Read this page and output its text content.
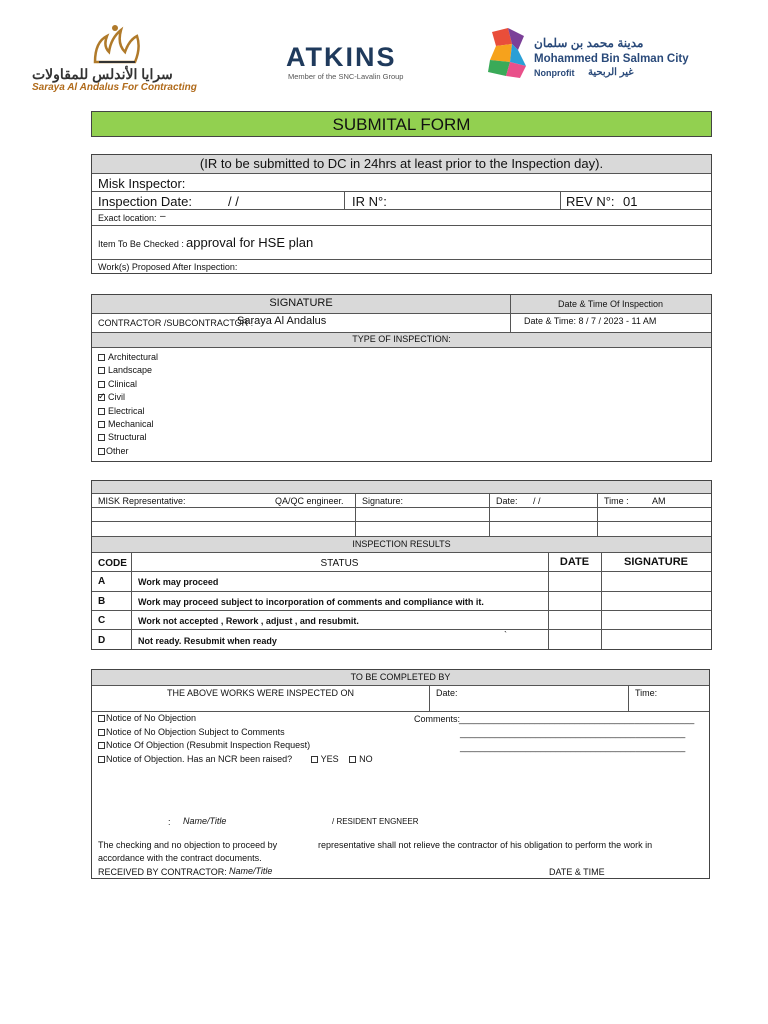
سرايا الأندلس للمقاولات
Saraya Al Andalus For Contracting
ATKINS
Member of the SNC-Lavalin Group
مدينة محمد بن سلمان
Mohammed Bin Salman City
Nonprofit غير الربحية
SUBMITAL FORM
(IR to be submitted to DC in 24hrs at least prior to the Inspection day).
Misk Inspector:
Inspection Date:	/ /	IR N°:	REV N°: 01
Exact location: –
Item To Be Checked : approval for HSE plan
Work(s) Proposed After Inspection:
SIGNATURE	Date & Time Of Inspection
CONTRACTOR /SUBCONTRACTOR :
Saraya Al Andalus	Date & Time: 8 / 7 / 2023 - 11 AM
TYPE OF INSPECTION:
Architectural
Landscape
Clinical
✓Civil
Electrical
Mechanical
Structural
Other
MISK Representative:	QA/QC engineer. Signature:	Date: / /	Time :	AM
INSPECTION RESULTS
CODE	STATUS	DATE	SIGNATURE
A	Work may proceed
B	Work may proceed subject to incorporation of comments and compliance with it.
C	Work not accepted , Rework , adjust , and resubmit.
D	Not ready. Resubmit when ready
`
TO BE COMPLETED BY
THE ABOVE WORKS WERE INSPECTED ON	Date:	Time:
Notice of No Objection
Notice of No Objection Subject to Comments
Notice Of Objection (Resubmit Inspection Request)
Notice of Objection. Has an NCR been raised?	YES NO
Comments:
_______________________________________________
_____________________________________________
_____________________________________________
: Name/Title	/ RESIDENT ENGNEER
The checking and no objection to proceed by	representative shall not relieve the contractor of his obligation to perform the work in
accordance with the contract documents.
RECEIVED BY CONTRACTOR: Name/Title	DATE & TIME
